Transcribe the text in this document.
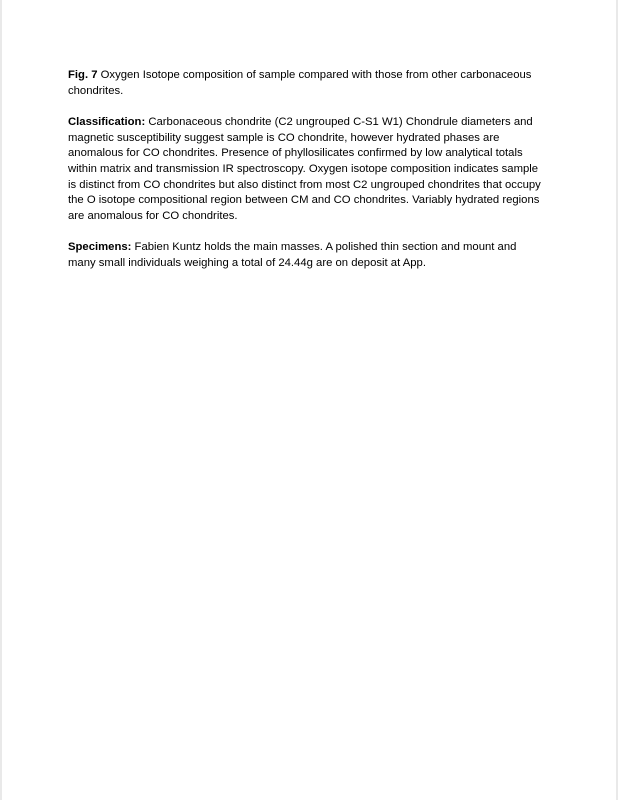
Fig. 7 Oxygen Isotope composition of sample compared with those from other carbonaceous chondrites.

Classification: Carbonaceous chondrite (C2 ungrouped C-S1 W1) Chondrule diameters and magnetic susceptibility suggest sample is CO chondrite, however hydrated phases are anomalous for CO chondrites. Presence of phyllosilicates confirmed by low analytical totals within matrix and transmission IR spectroscopy. Oxygen isotope composition indicates sample is distinct from CO chondrites but also distinct from most C2 ungrouped chondrites that occupy the O isotope compositional region between CM and CO chondrites. Variably hydrated regions are anomalous for CO chondrites.

Specimens: Fabien Kuntz holds the main masses. A polished thin section and mount and many small individuals weighing a total of 24.44g are on deposit at App.
